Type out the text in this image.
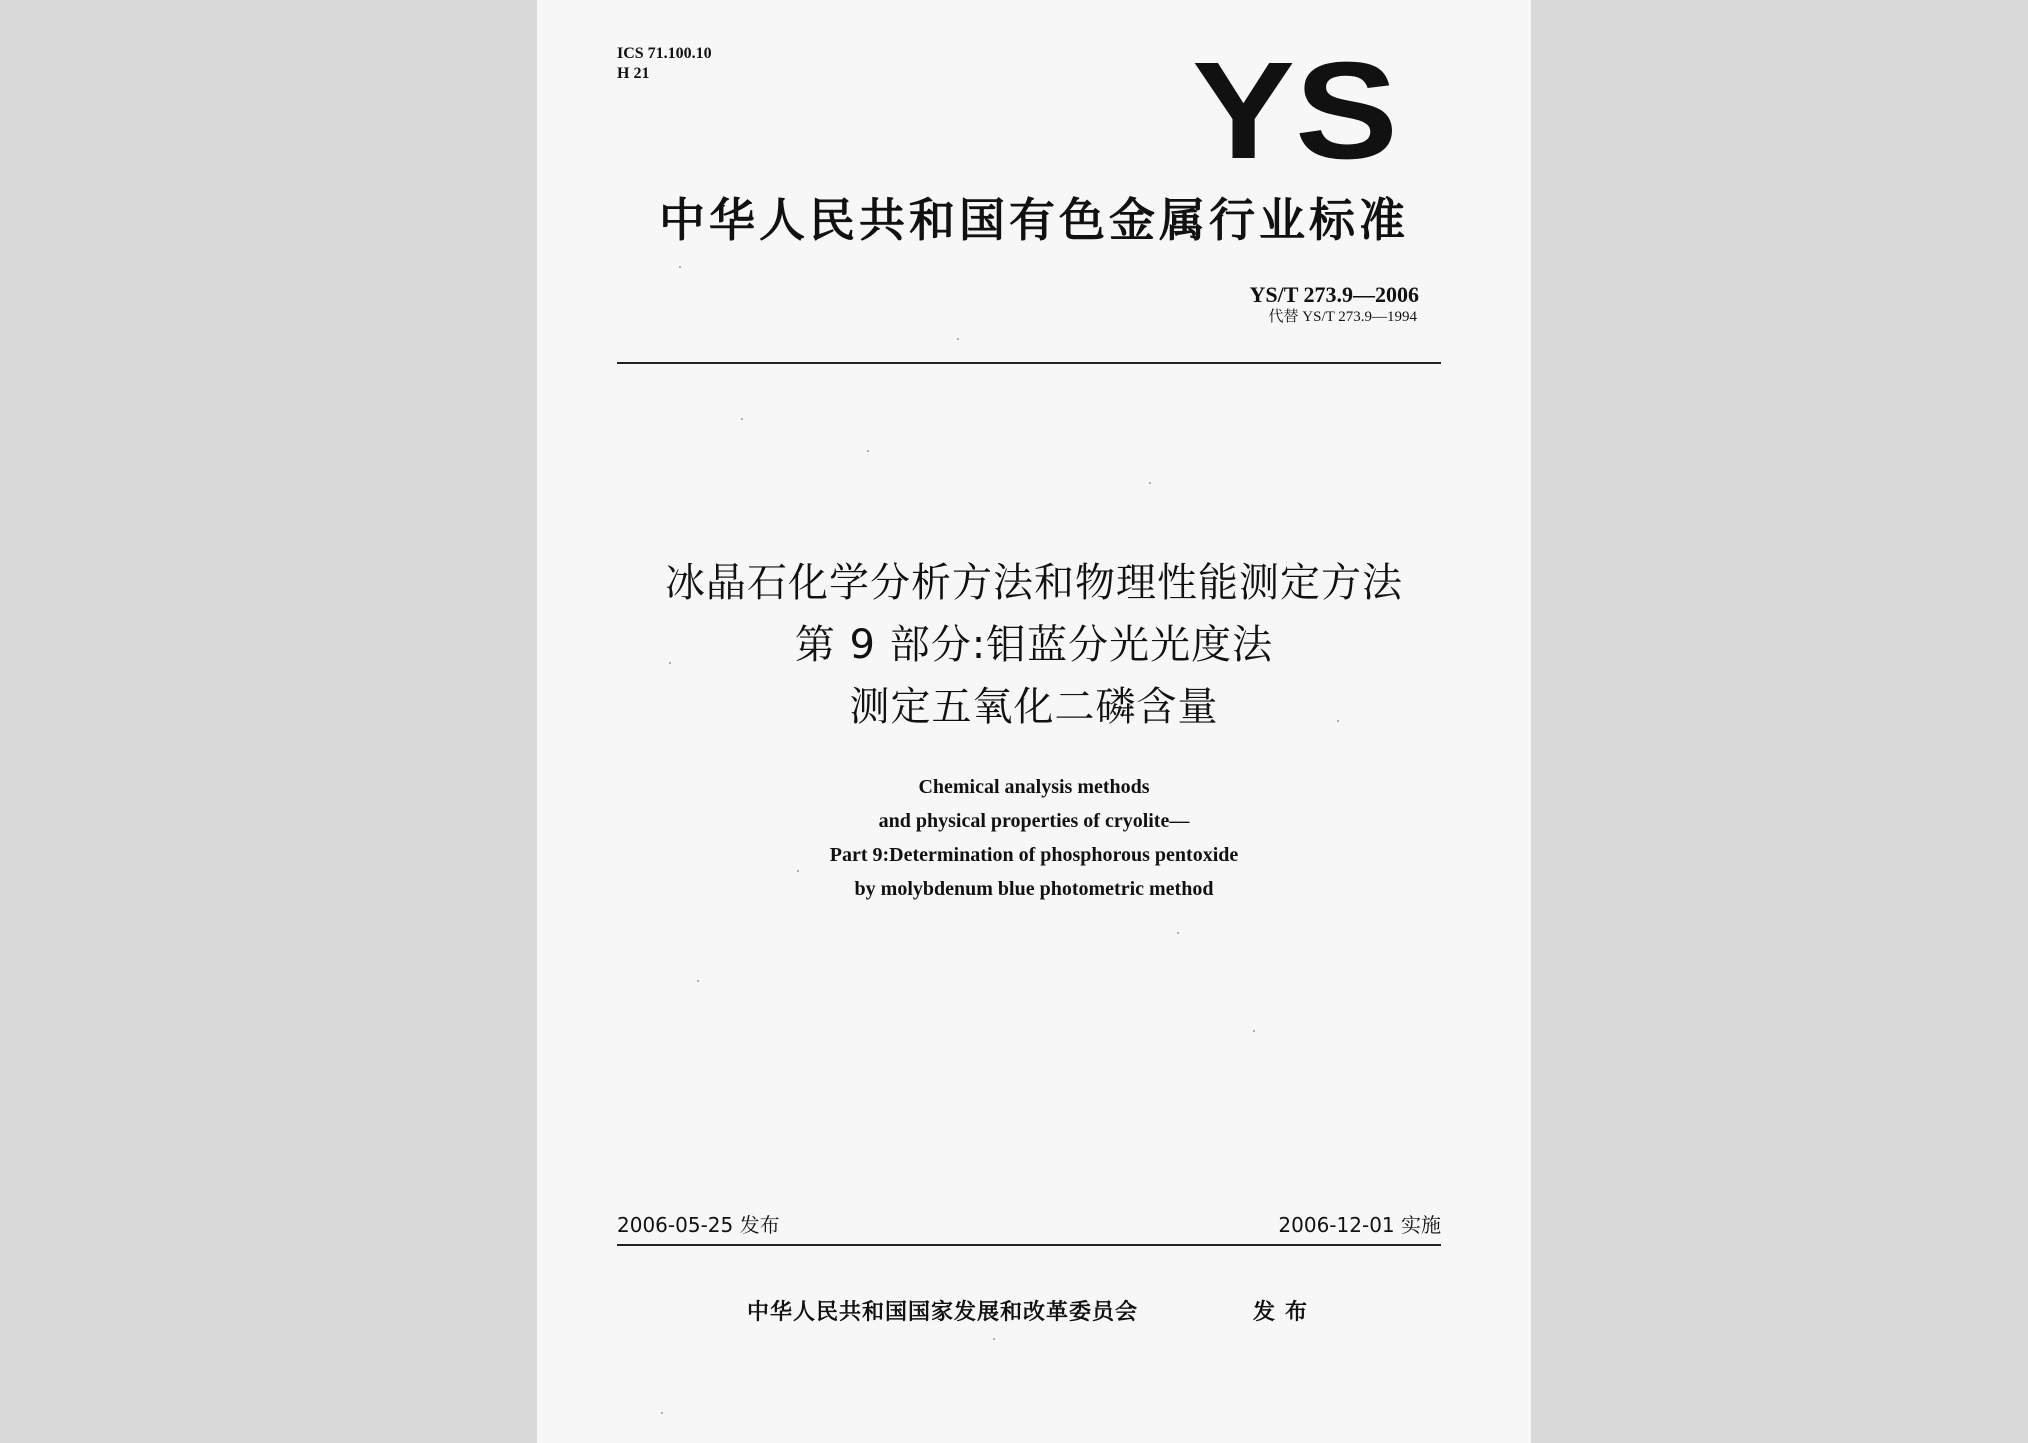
ICS 71.100.10
H 21	YS
中华人民共和国有色金属行业标准
YS/T 273.9—2006
代替 YS/T 273.9—1994
冰晶石化学分析方法和物理性能测定方法
第 9 部分:钼蓝分光光度法
测定五氧化二磷含量
Chemical analysis methods
and physical properties of cryolite—
Part 9:Determination of phosphorous pentoxide
by molybdenum blue photometric method
2006-05-25 发布	2006-12-01 实施
中华人民共和国国家发展和改革委员会	发布
